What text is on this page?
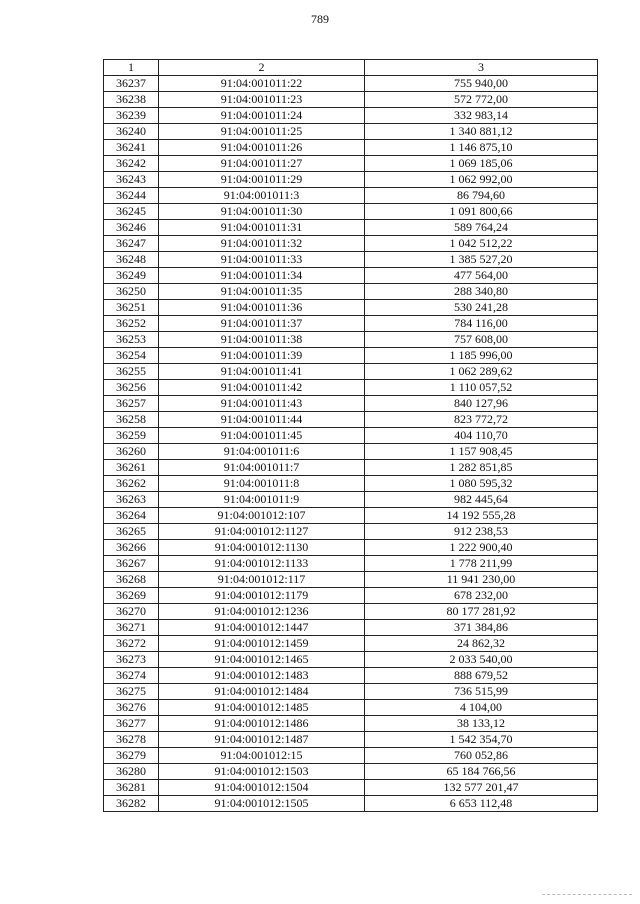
789
1	2	3
36237	91:04:001011:22	755 940,00
36238	91:04:001011:23	572 772,00
36239	91:04:001011:24	332 983,14
36240	91:04:001011:25	1 340 881,12
36241	91:04:001011:26	1 146 875,10
36242	91:04:001011:27	1 069 185,06
36243	91:04:001011:29	1 062 992,00
36244	91:04:001011:3	86 794,60
36245	91:04:001011:30	1 091 800,66
36246	91:04:001011:31	589 764,24
36247	91:04:001011:32	1 042 512,22
36248	91:04:001011:33	1 385 527,20
36249	91:04:001011:34	477 564,00
36250	91:04:001011:35	288 340,80
36251	91:04:001011:36	530 241,28
36252	91:04:001011:37	784 116,00
36253	91:04:001011:38	757 608,00
36254	91:04:001011:39	1 185 996,00
36255	91:04:001011:41	1 062 289,62
36256	91:04:001011:42	1 110 057,52
36257	91:04:001011:43	840 127,96
36258	91:04:001011:44	823 772,72
36259	91:04:001011:45	404 110,70
36260	91:04:001011:6	1 157 908,45
36261	91:04:001011:7	1 282 851,85
36262	91:04:001011:8	1 080 595,32
36263	91:04:001011:9	982 445,64
36264	91:04:001012:107	14 192 555,28
36265	91:04:001012:1127	912 238,53
36266	91:04:001012:1130	1 222 900,40
36267	91:04:001012:1133	1 778 211,99
36268	91:04:001012:117	11 941 230,00
36269	91:04:001012:1179	678 232,00
36270	91:04:001012:1236	80 177 281,92
36271	91:04:001012:1447	371 384,86
36272	91:04:001012:1459	24 862,32
36273	91:04:001012:1465	2 033 540,00
36274	91:04:001012:1483	888 679,52
36275	91:04:001012:1484	736 515,99
36276	91:04:001012:1485	4 104,00
36277	91:04:001012:1486	38 133,12
36278	91:04:001012:1487	1 542 354,70
36279	91:04:001012:15	760 052,86
36280	91:04:001012:1503	65 184 766,56
36281	91:04:001012:1504	132 577 201,47
36282	91:04:001012:1505	6 653 112,48
